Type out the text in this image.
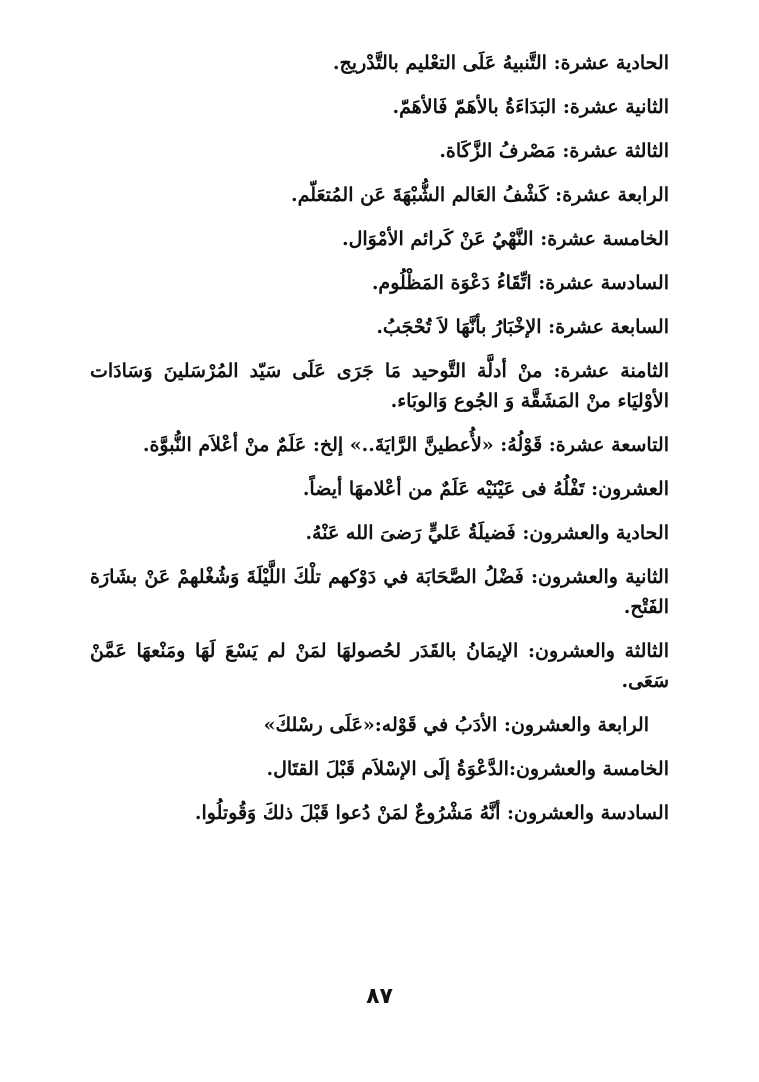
الحادية عشرة: التَّنبيهُ عَلَى التعْليم بالتَّدْريج.
الثانية عشرة: البَدَاءَةُ بالأهَمّ فَالأهَمّ.
الثالثة عشرة: مَصْرفُ الزَّكَاة.
الرابعة عشرة: كَشْفُ العَالم الشُّبْهَةَ عَن المُتعَلّم.
الخامسة عشرة: النَّهْيُ عَنْ كَرائم الأمْوَال.
السادسة عشرة: اتِّقَاءُ دَعْوَة المَظْلُوم.
السابعة عشرة: الإخْبَارُ بأنَّهَا لاَ تُحْجَبُ.
الثامنة عشرة: منْ أدلَّة التَّوحيد مَا جَرَى عَلَى سَيّد المُرْسَلينَ وَسَادَات الأوْليَاء منْ المَشَقَّة وَ الجُوع وَالوبَاء.
التاسعة عشرة: قَوْلُهُ: «لأُعطينَّ الرَّايَةَ..» إلخ: عَلَمٌ منْ أعْلاَم النُّبوَّة.
العشرون: تَفْلُهُ فى عَيْنَيْه عَلَمٌ من أعْلامهَا أيضاً.
الحادية والعشرون: فَضيلَةُ عَليٍّ رَضىَ الله عَنْهُ.
الثانية والعشرون: فَضْلُ الصَّحَابَة في دَوْكهم تلْكَ اللَّيْلَةَ وَشُغْلهمْ عَنْ بشَارَة الفَتْح.
الثالثة والعشرون: الإيمَانُ بالقَدَر لحُصولهَا لمَنْ لم يَسْعَ لَهَا ومَنْعهَا عَمَّنْ سَعَى.
الرابعة والعشرون: الأدَبُ في قَوْله:«عَلَى رسْلكَ»
الخامسة والعشرون:الدَّعْوَةُ إلَى الإسْلاَم قَبْلَ القتَال.
السادسة والعشرون: أنَّهُ مَشْرُوعٌ لمَنْ دُعوا قَبْلَ ذلكَ وَقُوتلُوا.
٨٧
